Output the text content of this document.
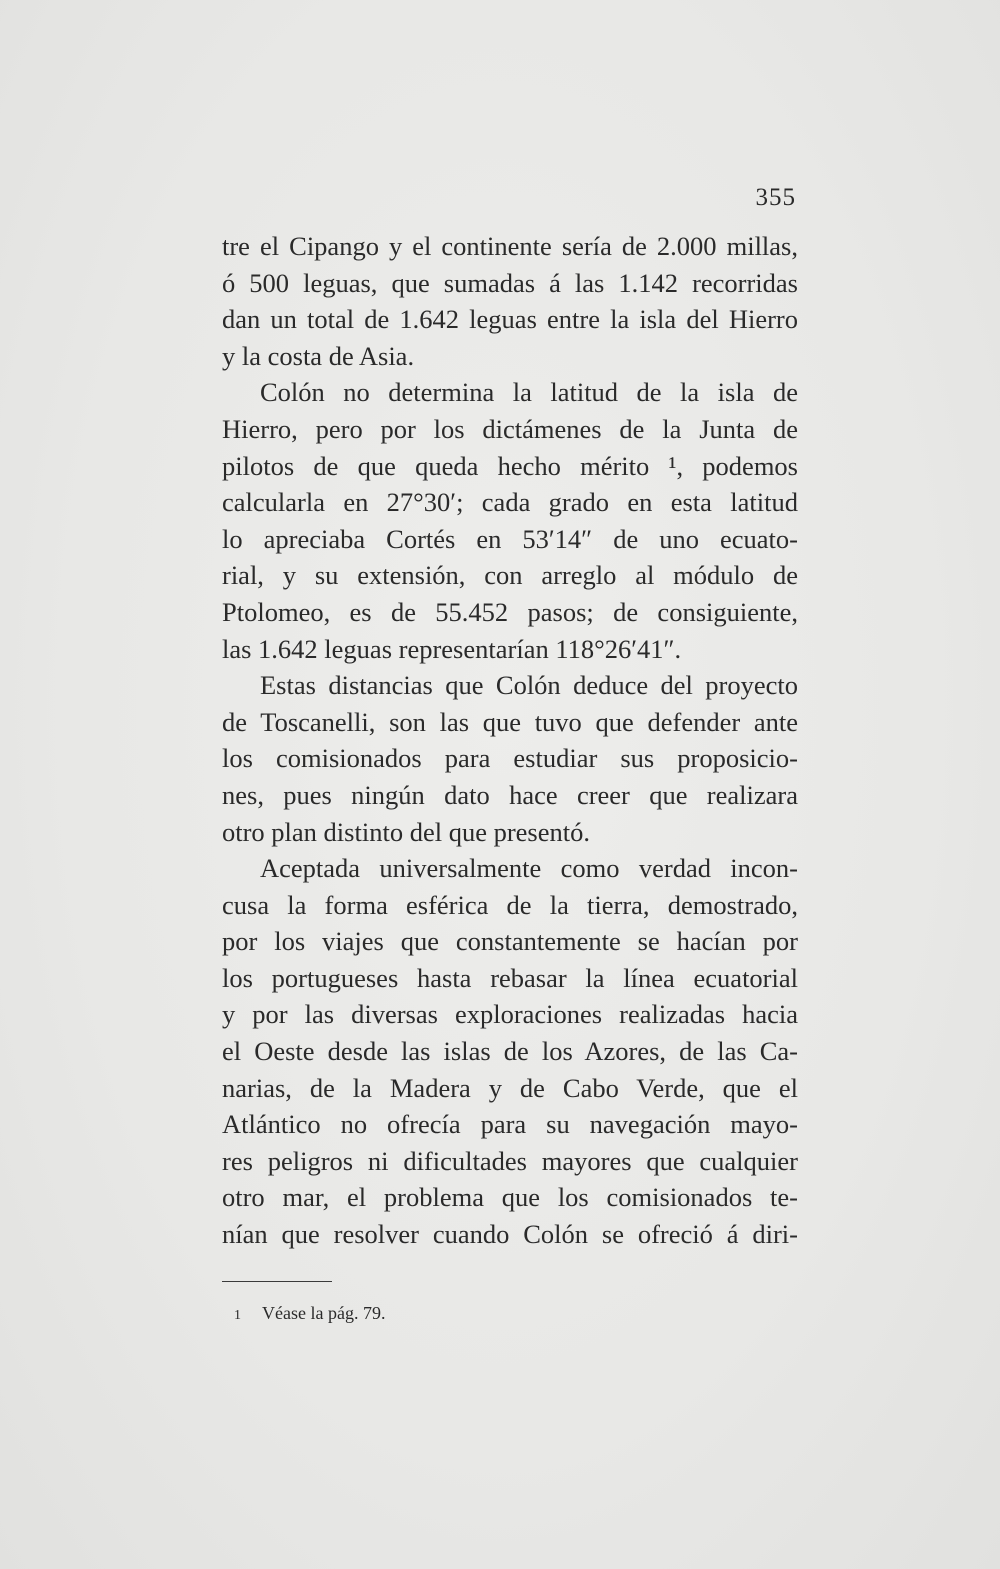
355
tre el Cipango y el continente sería de 2.000 millas,
ó 500 leguas, que sumadas á las 1.142 recorridas
dan un total de 1.642 leguas entre la isla del Hierro
y la costa de Asia.
Colón no determina la latitud de la isla de
Hierro, pero por los dictámenes de la Junta de
pilotos de que queda hecho mérito ¹, podemos
calcularla en 27°30′; cada grado en esta latitud
lo apreciaba Cortés en 53′14″ de uno ecuato-
rial, y su extensión, con arreglo al módulo de
Ptolomeo, es de 55.452 pasos; de consiguiente,
las 1.642 leguas representarían 118°26′41″.
Estas distancias que Colón deduce del proyecto
de Toscanelli, son las que tuvo que defender ante
los comisionados para estudiar sus proposicio-
nes, pues ningún dato hace creer que realizara
otro plan distinto del que presentó.
Aceptada universalmente como verdad incon-
cusa la forma esférica de la tierra, demostrado,
por los viajes que constantemente se hacían por
los portugueses hasta rebasar la línea ecuatorial
y por las diversas exploraciones realizadas hacia
el Oeste desde las islas de los Azores, de las Ca-
narias, de la Madera y de Cabo Verde, que el
Atlántico no ofrecía para su navegación mayo-
res peligros ni dificultades mayores que cualquier
otro mar, el problema que los comisionados te-
nían que resolver cuando Colón se ofreció á diri-
1 Véase la pág. 79.
